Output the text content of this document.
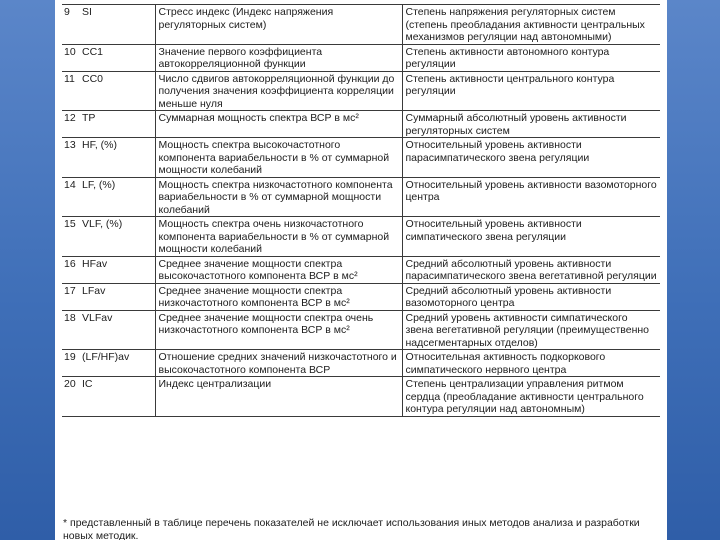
9 SI	Стресс индекс (Индекс напряжения регуляторных систем)	Степень напряжения регуляторных систем (степень преобладания активности центральных механизмов регуляции над автономными)
10 CC1	Значение первого коэффициента автокорреляционной функции	Степень активности автономного контура регуляции
11 CC0	Число сдвигов автокорреляционной функции до получения значения коэффициента корреляции меньше нуля	Степень активности центрального контура регуляции
12 TP	Суммарная мощность спектра ВСР в мс²	Суммарный абсолютный уровень активности регуляторных систем
13 HF, (%)	Мощность спектра высокочастотного компонента вариабельности в % от суммарной мощности колебаний	Относительный уровень активности парасимпатического звена регуляции
14 LF, (%)	Мощность спектра низкочастотного компонента вариабельности в % от суммарной мощности колебаний	Относительный уровень активности вазомоторного центра
15 VLF, (%)	Мощность спектра очень низкочастотного компонента вариабельности в % от суммарной мощности колебаний	Относительный уровень активности симпатического звена регуляции
16 HFav	Среднее значение мощности спектра высокочастотного компонента ВСР в мс²	Средний абсолютный уровень активности парасимпатического звена вегетативной регуляции
17 LFav	Среднее значение мощности спектра низкочастотного компонента ВСР в мс²	Средний абсолютный уровень активности вазомоторного центра
18 VLFav	Среднее значение мощности спектра очень низкочастотного компонента ВСР в мс²	Средний уровень активности симпатического звена вегетативной регуляции (преимущественно надсегментарных отделов)
19 (LF/HF)av	Отношение средних значений низкочастотного и высокочастотного компонента ВСР	Относительная активность подкоркового симпатического нервного центра
20 IC	Индекс централизации	Степень централизации управления ритмом сердца (преобладание активности центрального контура регуляции над автономным)
* представленный в таблице перечень показателей не исключает использования иных методов анализа и разработки новых методик.
